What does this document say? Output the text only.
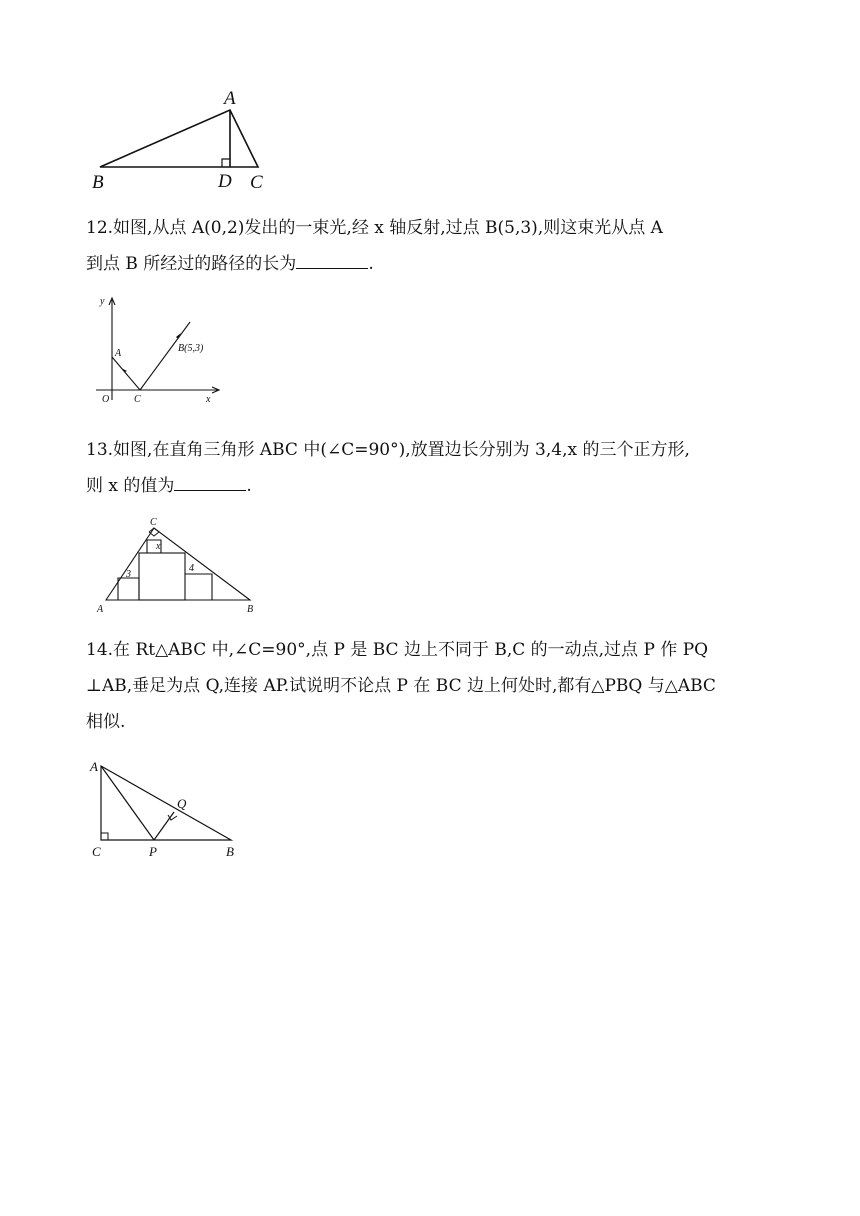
A
B	D C

12.如图,从点 A(0,2)发出的一束光,经 x 轴反射,过点 B(5,3),则这束光从点 A
到点 B 所经过的路径的长为	.

y
x
O
A
C
B(5,3)

13.如图,在直角三角形 ABC 中(∠C=90°),放置边长分别为 3,4,x 的三个正方形,
则 x 的值为	.

C
x
3
4
A	B

14.在 Rt△ABC 中,∠C=90°,点 P 是 BC 边上不同于 B,C 的一动点,过点 P 作 PQ
⊥AB,垂足为点 Q,连接 AP.试说明不论点 P 在 BC 边上何处时,都有△PBQ 与△ABC
相似.

A
C	P	B
Q
